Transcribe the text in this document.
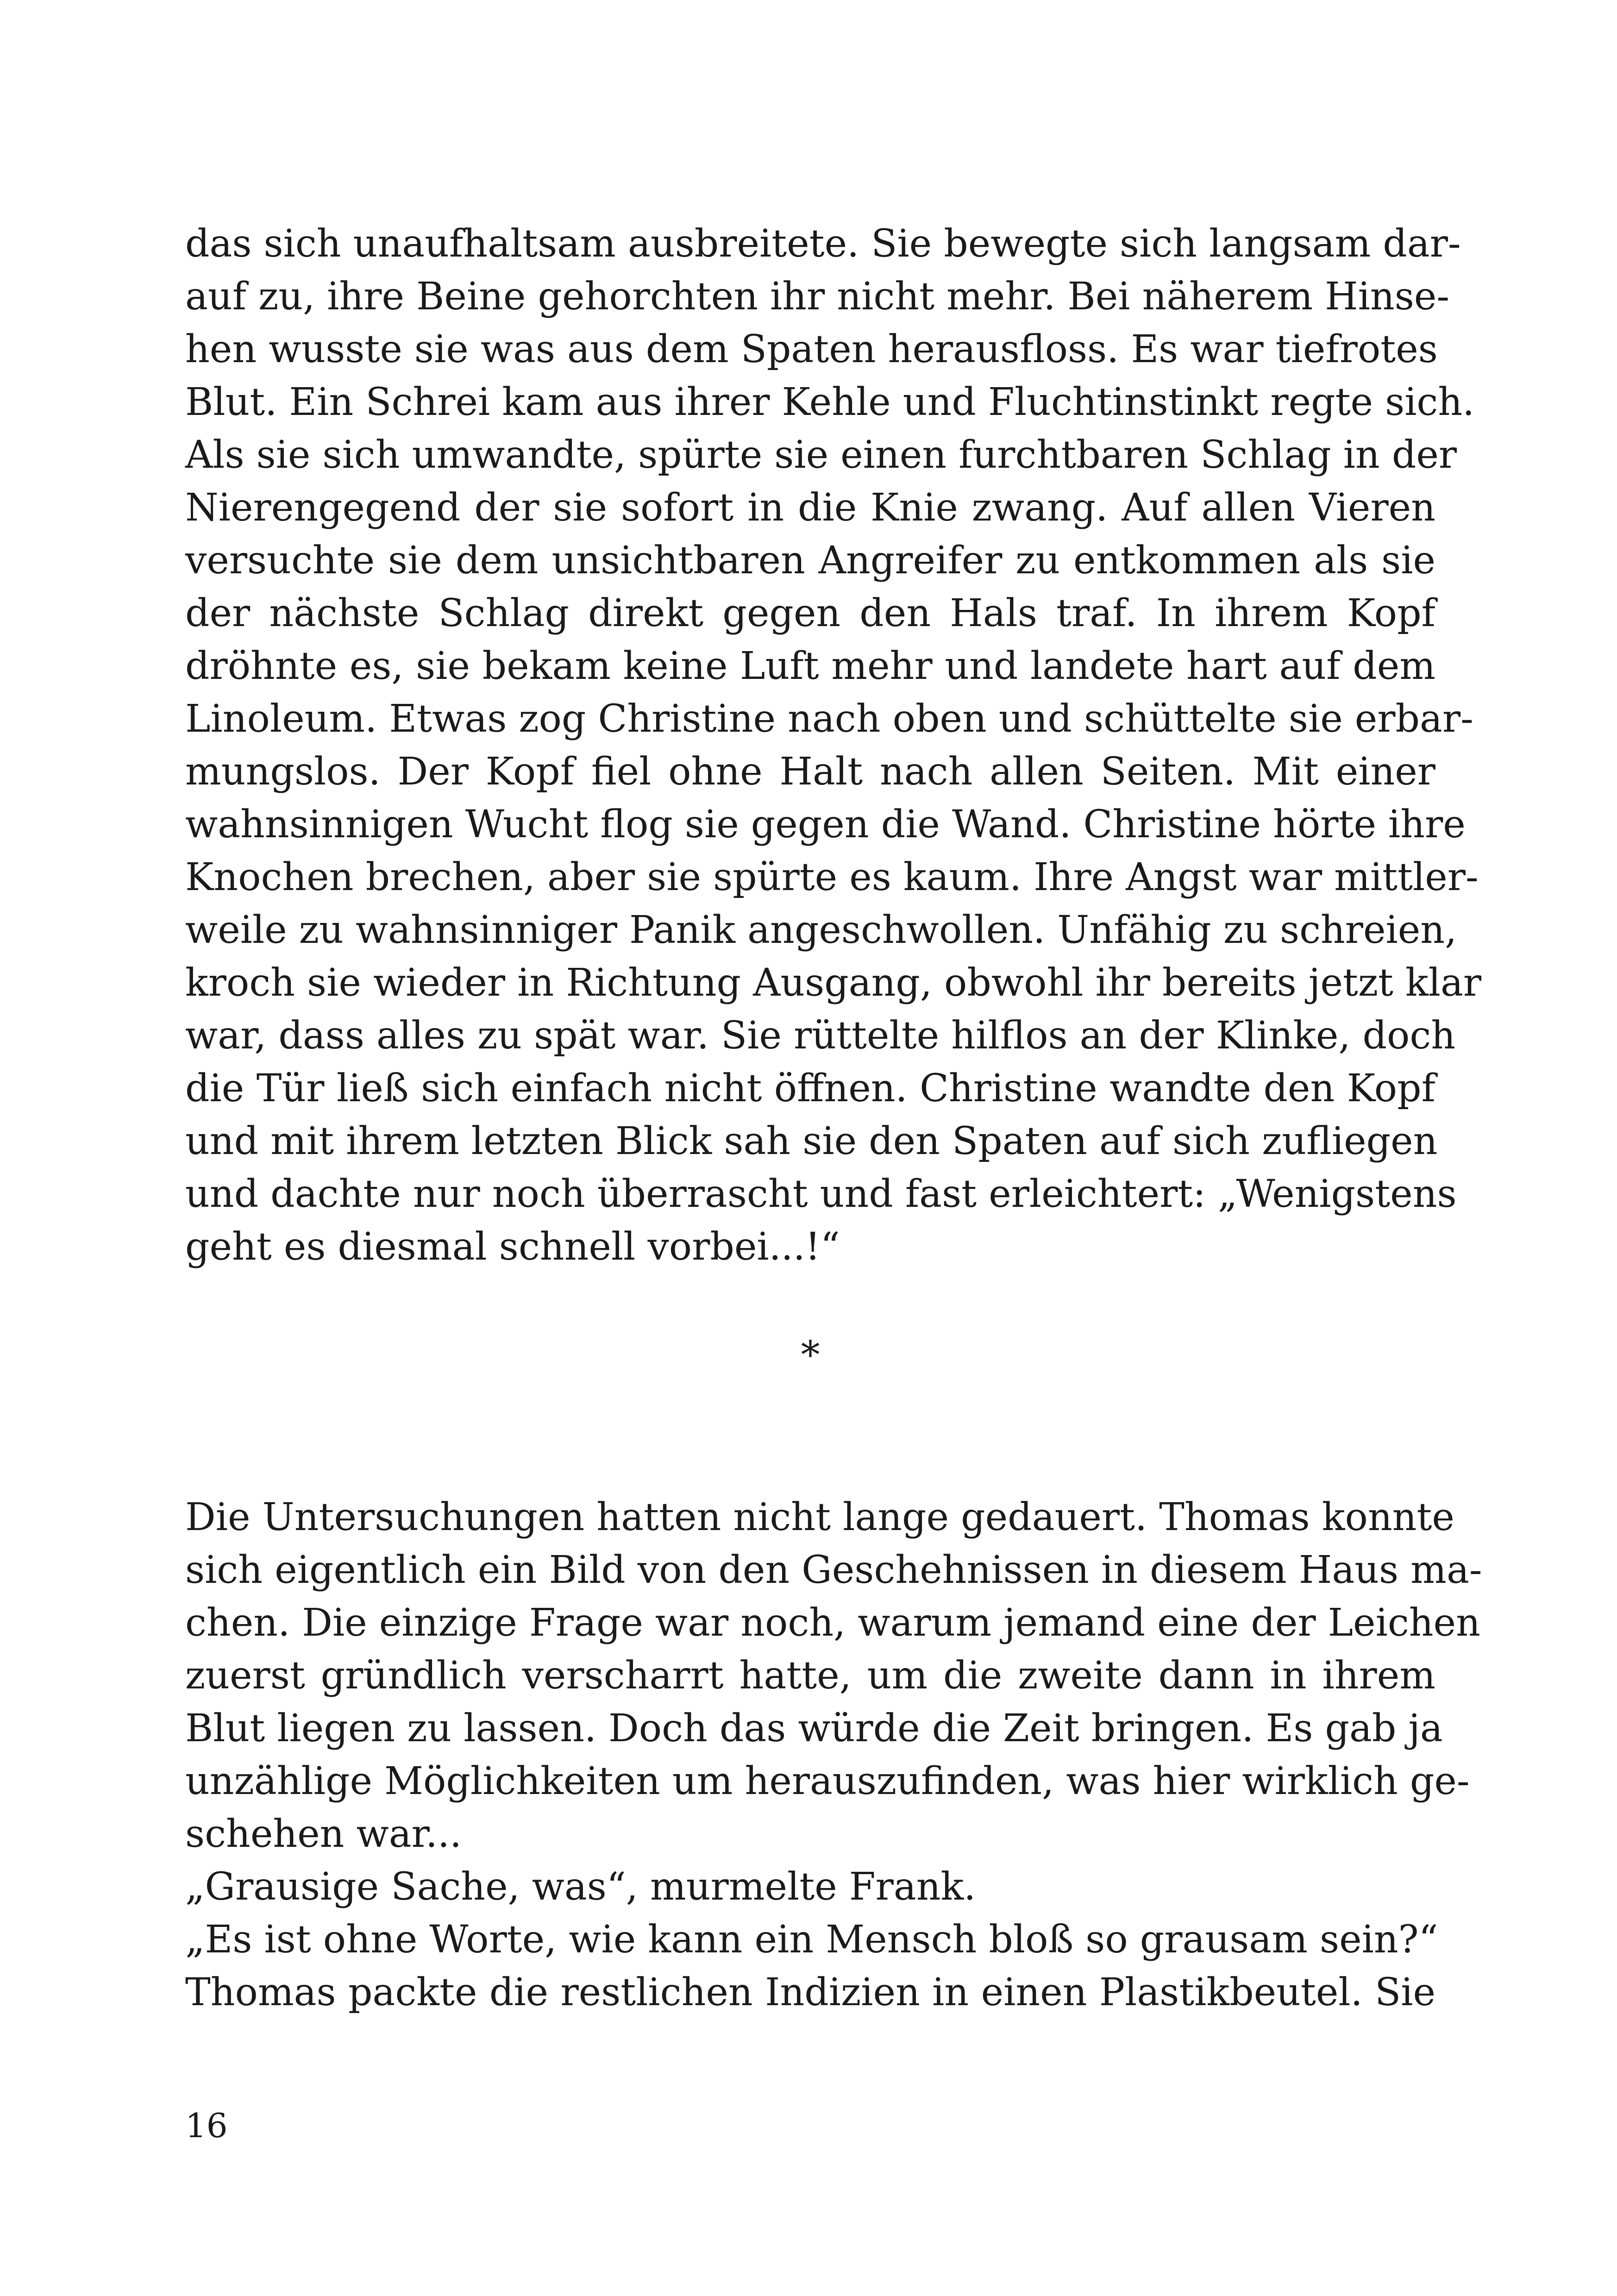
das sich unaufhaltsam ausbreitete. Sie bewegte sich langsam dar-
auf zu, ihre Beine gehorchten ihr nicht mehr. Bei näherem Hinse-
hen wusste sie was aus dem Spaten herausfloss. Es war tiefrotes
Blut. Ein Schrei kam aus ihrer Kehle und Fluchtinstinkt regte sich.
Als sie sich umwandte, spürte sie einen furchtbaren Schlag in der
Nierengegend der sie sofort in die Knie zwang. Auf allen Vieren
versuchte sie dem unsichtbaren Angreifer zu entkommen als sie
der nächste Schlag direkt gegen den Hals traf. In ihrem Kopf
dröhnte es, sie bekam keine Luft mehr und landete hart auf dem
Linoleum. Etwas zog Christine nach oben und schüttelte sie erbar-
mungslos. Der Kopf fiel ohne Halt nach allen Seiten. Mit einer
wahnsinnigen Wucht flog sie gegen die Wand. Christine hörte ihre
Knochen brechen, aber sie spürte es kaum. Ihre Angst war mittler-
weile zu wahnsinniger Panik angeschwollen. Unfähig zu schreien,
kroch sie wieder in Richtung Ausgang, obwohl ihr bereits jetzt klar
war, dass alles zu spät war. Sie rüttelte hilflos an der Klinke, doch
die Tür ließ sich einfach nicht öffnen. Christine wandte den Kopf
und mit ihrem letzten Blick sah sie den Spaten auf sich zufliegen
und dachte nur noch überrascht und fast erleichtert: „Wenigstens
geht es diesmal schnell vorbei...!“
*
Die Untersuchungen hatten nicht lange gedauert. Thomas konnte
sich eigentlich ein Bild von den Geschehnissen in diesem Haus ma-
chen. Die einzige Frage war noch, warum jemand eine der Leichen
zuerst gründlich verscharrt hatte, um die zweite dann in ihrem
Blut liegen zu lassen. Doch das würde die Zeit bringen. Es gab ja
unzählige Möglichkeiten um herauszufinden, was hier wirklich ge-
schehen war...
„Grausige Sache, was“, murmelte Frank.
„Es ist ohne Worte, wie kann ein Mensch bloß so grausam sein?“
Thomas packte die restlichen Indizien in einen Plastikbeutel. Sie
16
